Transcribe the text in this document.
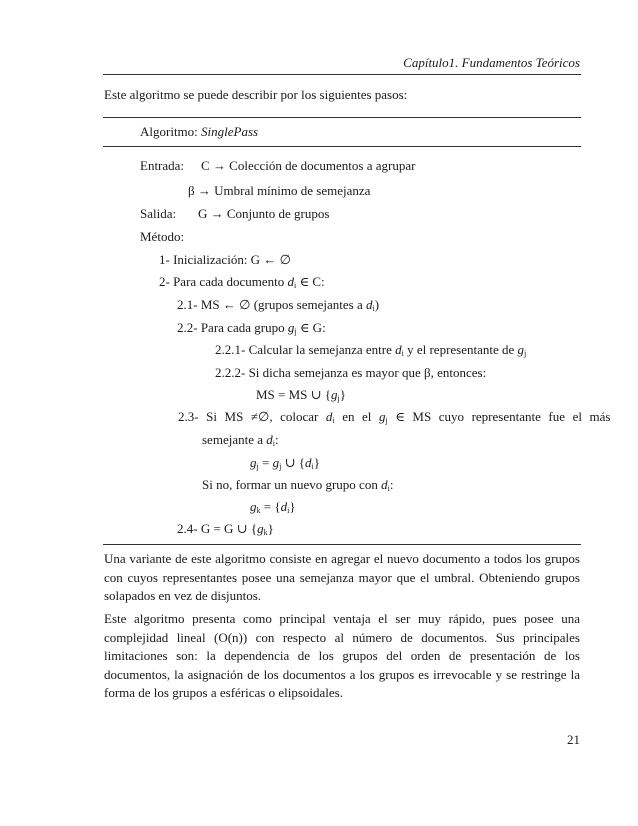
Capítulo1. Fundamentos Teóricos
Este algoritmo se puede describir por los siguientes pasos:
Algoritmo: SinglePass
Entrada: C → Colección de documentos a agrupar
β → Umbral mínimo de semejanza
Salida: G → Conjunto de grupos
Método:
1- Inicialización: G ← ∅
2- Para cada documento $d_i$ ∈ C:
2.1- MS ← ∅ (grupos semejantes a $d_i$)
2.2- Para cada grupo $g_j$ ∈ G:
2.2.1- Calcular la semejanza entre $d_i$ y el representante de $g_j$
2.2.2- Si dicha semejanza es mayor que β, entonces:
MS = MS ∪ $\{g_j\}$
2.3- Si MS ≠∅, colocar $d_i$ en el $g_j$ ∈ MS cuyo representante fue el más
semejante a $d_i$:
$g_j = g_j$ ∪ $\{d_i\}$
Si no, formar un nuevo grupo con $d_i$:
$g_k = \{d_i\}$
2.4- G = G ∪ $\{g_k\}$
Una variante de este algoritmo consiste en agregar el nuevo documento a todos los grupos con cuyos representantes posee una semejanza mayor que el umbral. Obteniendo grupos solapados en vez de disjuntos.
Este algoritmo presenta como principal ventaja el ser muy rápido, pues posee una complejidad lineal (O(n)) con respecto al número de documentos. Sus principales limitaciones son: la dependencia de los grupos del orden de presentación de los documentos, la asignación de los documentos a los grupos es irrevocable y se restringe la forma de los grupos a esféricas o elipsoidales.
21
